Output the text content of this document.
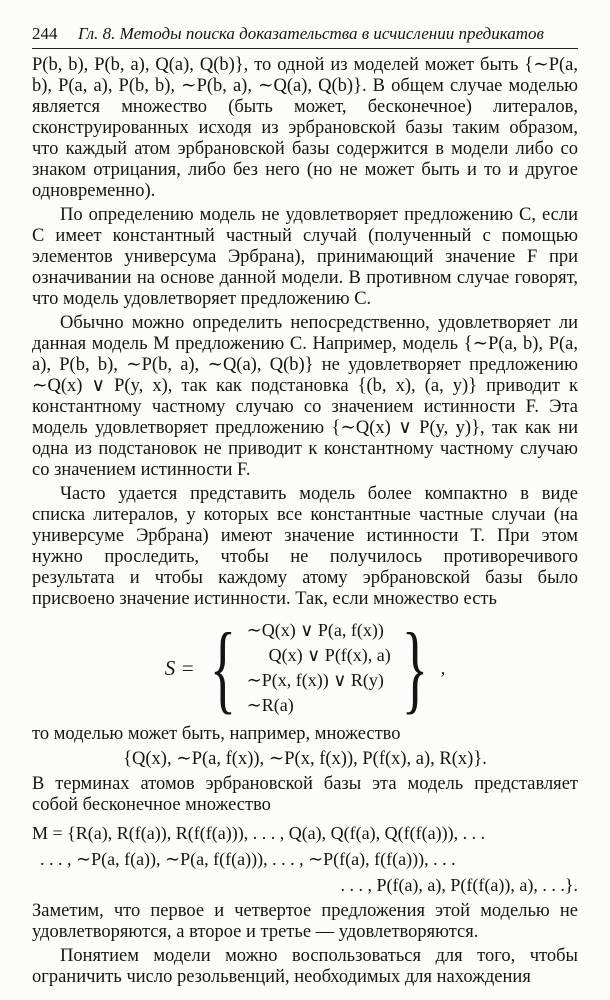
244	Гл. 8. Методы поиска доказательства в исчислении предикатов

P(b, b), P(b, a), Q(a), Q(b)}, то одной из моделей может быть {∼P(a, b), P(a, a), P(b, b), ∼P(b, a), ∼Q(a), Q(b)}. В общем случае моделью является множество (быть может, бесконечное) литералов, сконструированных исходя из эрбрановской базы таким образом, что каждый атом эрбрановской базы содержится в модели либо со знаком отрицания, либо без него (но не может быть и то и другое одновременно).

По определению модель не удовлетворяет предложению C, если C имеет константный частный случай (полученный с помощью элементов универсума Эрбрана), принимающий значение F при означивании на основе данной модели. В противном случае говорят, что модель удовлетворяет предложению C.

Обычно можно определить непосредственно, удовлетворяет ли данная модель M предложению C. Например, модель {∼P(a, b), P(a, a), P(b, b), ∼P(b, a), ∼Q(a), Q(b)} не удовлетворяет предложению ∼Q(x) ∨ P(y, x), так как подстановка {(b, x), (a, y)} приводит к константному частному случаю со значением истинности F. Эта модель удовлетворяет предложению {∼Q(x) ∨ P(y, y)}, так как ни одна из подстановок не приводит к константному частному случаю со значением истинности F.

Часто удается представить модель более компактно в виде списка литералов, у которых все константные частные случаи (на универсуме Эрбрана) имеют значение истинности T. При этом нужно проследить, чтобы не получилось противоречивого результата и чтобы каждому атому эрбрановской базы было присвоено значение истинности. Так, если множество есть

S = { ∼Q(x) ∨ P(a, f(x))
Q(x) ∨ P(f(x), a)
∼P(x, f(x)) ∨ R(y)
∼R(a)	} ,

то моделью может быть, например, множество

{Q(x), ∼P(a, f(x)), ∼P(x, f(x)), P(f(x), a), R(x)}.

В терминах атомов эрбрановской базы эта модель представляет собой бесконечное множество

M = {R(a), R(f(a)), R(f(f(a))), . . . , Q(a), Q(f(a), Q(f(f(a))), . . .
. . . , ∼P(a, f(a)), ∼P(a, f(f(a))), . . . , ∼P(f(a), f(f(a))), . . .
. . . , P(f(a), a), P(f(f(a)), a), . . .}.

Заметим, что первое и четвертое предложения этой моделью не удовлетворяются, а второе и третье — удовлетворяются.

Понятием модели можно воспользоваться для того, чтобы ограничить число резольвенций, необходимых для нахождения
